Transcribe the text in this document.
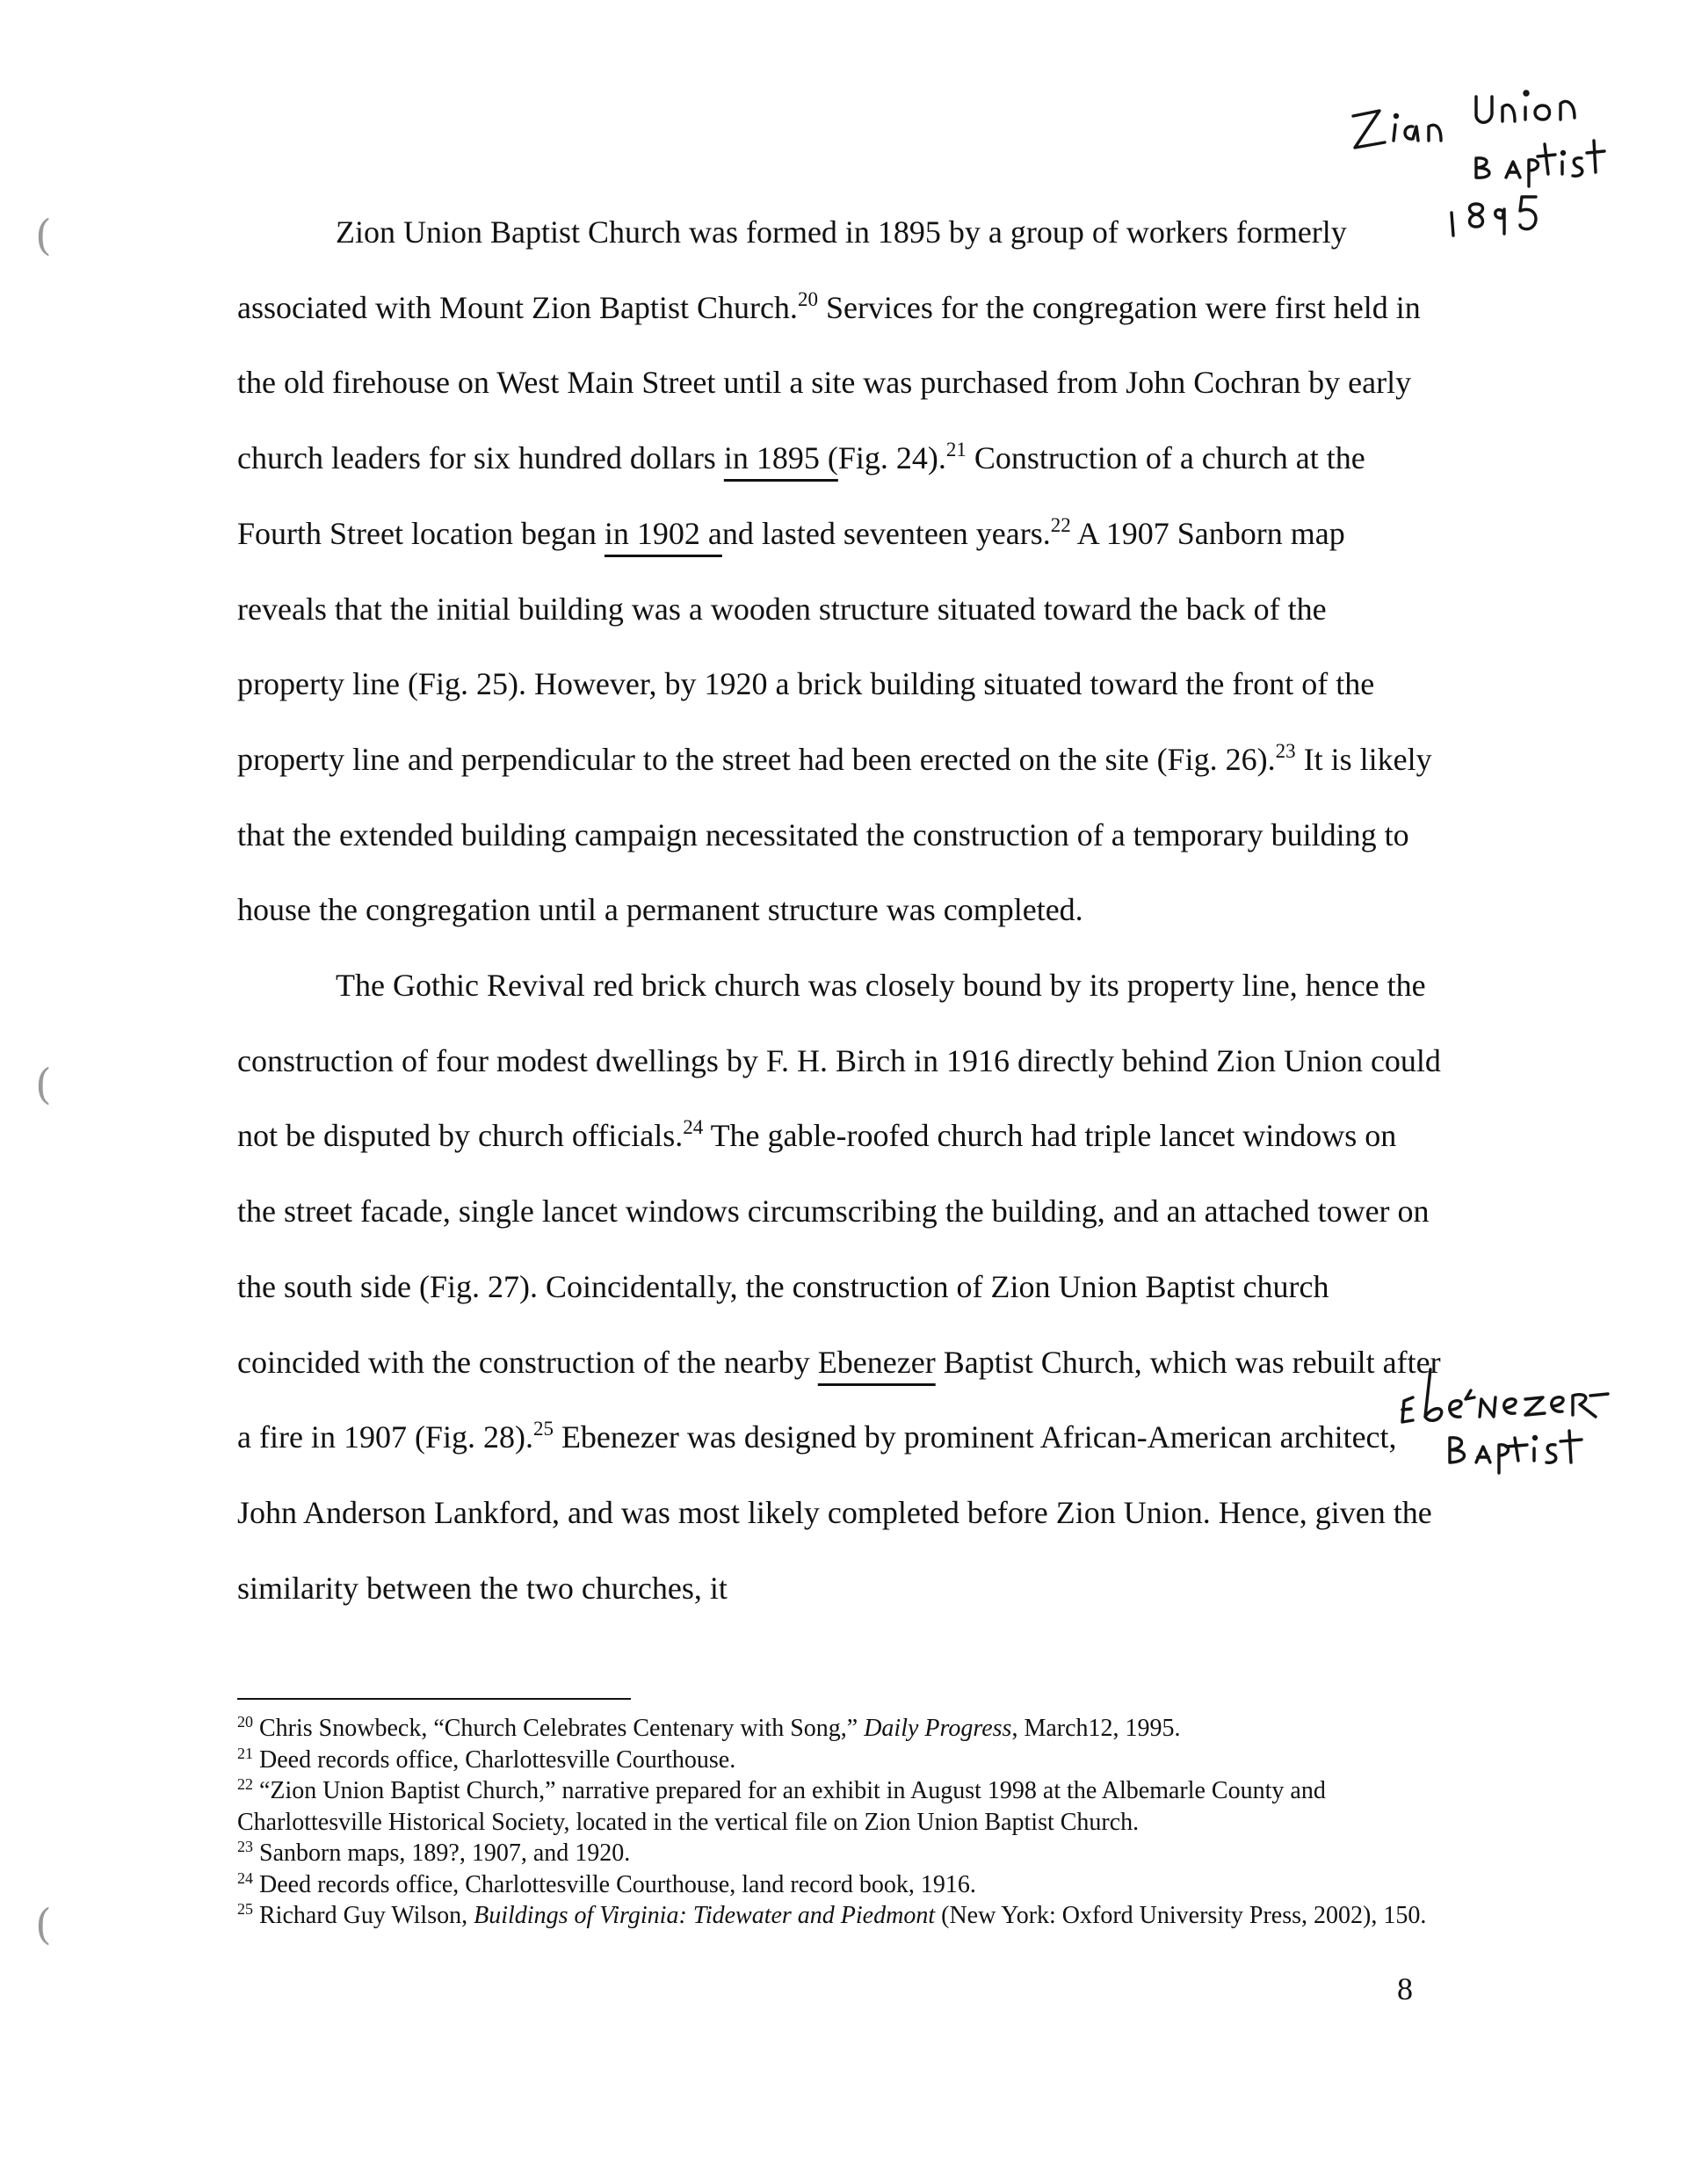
Zion Union Baptist Church was formed in 1895 by a group of workers formerly associated with Mount Zion Baptist Church.$^{20}$ Services for the congregation were first held in the old firehouse on West Main Street until a site was purchased from John Cochran by early church leaders for six hundred dollars in 1895 (Fig. 24).$^{21}$ Construction of a church at the Fourth Street location began in 1902 and lasted seventeen years.$^{22}$ A 1907 Sanborn map reveals that the initial building was a wooden structure situated toward the back of the property line (Fig. 25). However, by 1920 a brick building situated toward the front of the property line and perpendicular to the street had been erected on the site (Fig. 26).$^{23}$ It is likely that the extended building campaign necessitated the construction of a temporary building to house the congregation until a permanent structure was completed.

The Gothic Revival red brick church was closely bound by its property line, hence the construction of four modest dwellings by F. H. Birch in 1916 directly behind Zion Union could not be disputed by church officials.$^{24}$ The gable-roofed church had triple lancet windows on the street facade, single lancet windows circumscribing the building, and an attached tower on the south side (Fig. 27). Coincidentally, the construction of Zion Union Baptist church coincided with the construction of the nearby Ebenezer Baptist Church, which was rebuilt after a fire in 1907 (Fig. 28).$^{25}$ Ebenezer was designed by prominent African-American architect, John Anderson Lankford, and was most likely completed before Zion Union. Hence, given the similarity between the two churches, it

$^{20}$ Chris Snowbeck, “Church Celebrates Centenary with Song,” Daily Progress, March12, 1995.

$^{21}$ Deed records office, Charlottesville Courthouse.

$^{22}$ “Zion Union Baptist Church,” narrative prepared for an exhibit in August 1998 at the Albemarle County and Charlottesville Historical Society, located in the vertical file on Zion Union Baptist Church.

$^{23}$ Sanborn maps, 189?, 1907, and 1920.

$^{24}$ Deed records office, Charlottesville Courthouse, land record book, 1916.

$^{25}$ Richard Guy Wilson, Buildings of Virginia: Tidewater and Piedmont (New York: Oxford University Press, 2002), 150.

8
(
(
(
